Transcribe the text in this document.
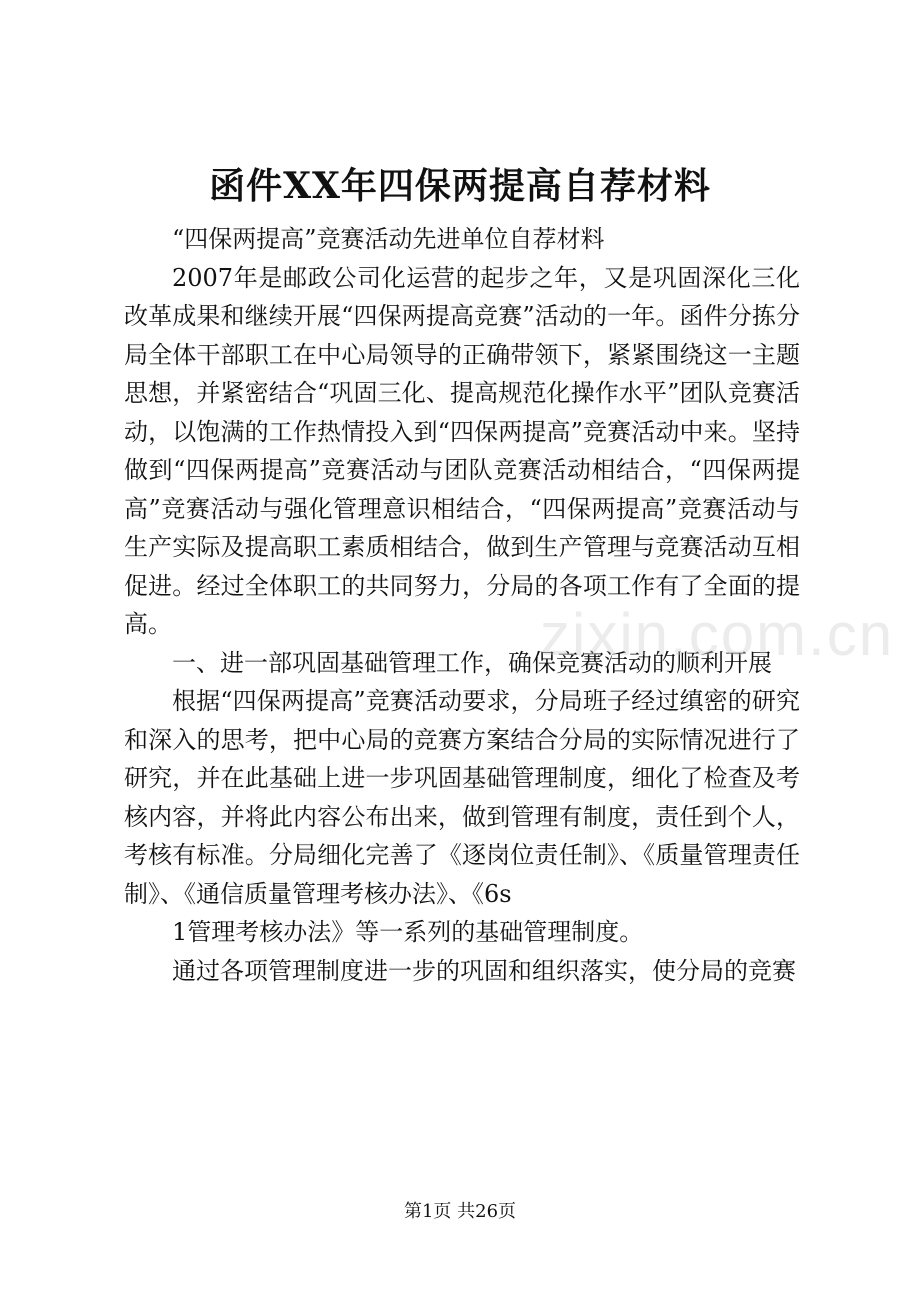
函件XX年四保两提高自荐材料

“四保两提高”竞赛活动先进单位自荐材料

2007年是邮政公司化运营的起步之年，又是巩固深化三化改革成果和继续开展“四保两提高竞赛”活动的一年。函件分拣分局全体干部职工在中心局领导的正确带领下，紧紧围绕这一主题思想，并紧密结合“巩固三化、提高规范化操作水平”团队竞赛活动，以饱满的工作热情投入到“四保两提高”竞赛活动中来。坚持做到“四保两提高”竞赛活动与团队竞赛活动相结合，“四保两提高”竞赛活动与强化管理意识相结合，“四保两提高”竞赛活动与生产实际及提高职工素质相结合，做到生产管理与竞赛活动互相促进。经过全体职工的共同努力，分局的各项工作有了全面的提高。

一、进一部巩固基础管理工作，确保竞赛活动的顺利开展

根据“四保两提高”竞赛活动要求，分局班子经过缜密的研究和深入的思考，把中心局的竞赛方案结合分局的实际情况进行了研究，并在此基础上进一步巩固基础管理制度，细化了检查及考核内容，并将此内容公布出来，做到管理有制度，责任到个人，考核有标准。分局细化完善了《逐岗位责任制》、《质量管理责任制》、《通信质量管理考核办法》、《6s

1管理考核办法》等一系列的基础管理制度。

通过各项管理制度进一步的巩固和组织落实，使分局的竞赛

zixin.com.cn
第1页 共26页
